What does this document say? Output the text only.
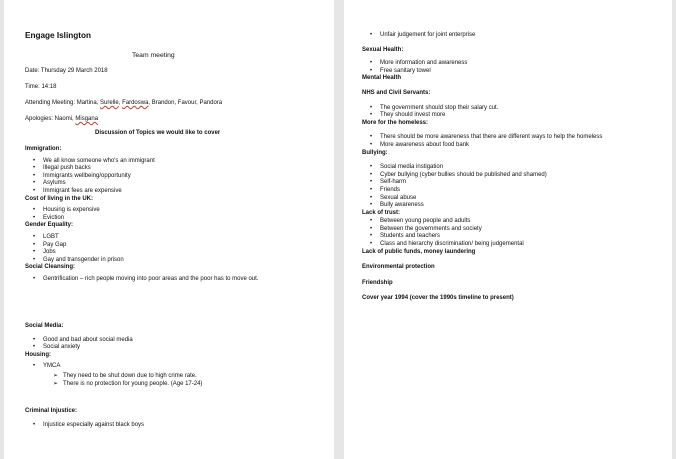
Engage Islington
Team meeting
Date: Thursday 29 March 2018
Time: 14:18
Attending Meeting: Martina, Surelle, Fardoswa, Brandon, Favour, Pandora
Apologies: Naomi, Misgana
Discussion of Topics we would like to cover
Immigration:
• We all know someone who's an immigrant
• Illegal push backs
• Immigrants wellbeing/opportunity
• Asylums
• Immigrant fees are expensive
Cost of living in the UK:
• Housing is expensive
• Eviction
Gender Equality:
• LGBT
• Pay Gap
• Jobs
• Gay and transgender in prison
Social Cleansing:
• Gentrification – rich people moving into poor areas and the poor has to move out.
Social Media:
• Good and bad about social media
• Social anxiety
Housing:
• YMCA
➢ They need to be shut down due to high crime rate.
➢ There is no protection for young people. (Age 17-24)
Criminal Injustice:
• Injustice especially against black boys
• Unfair judgement for joint enterprise
Sexual Health:
• More information and awareness
• Free sanitary towel
Mental Health
NHS and Civil Servants:
• The government should stop their salary cut.
• They should invest more
More for the homeless:
• There should be more awareness that there are different ways to help the homeless
• More awareness about food bank
Bullying:
• Social media instigation
• Cyber bullying (cyber bullies should be published and shamed)
• Self-harm
• Friends
• Sexual abuse
• Bully awareness
Lack of trust:
• Between young people and adults
• Between the governments and society
• Students and teachers
• Class and hierarchy discrimination/ being judgemental
Lack of public funds, money laundering
Environmental protection
Friendship
Cover year 1994 (cover the 1990s timeline to present)
